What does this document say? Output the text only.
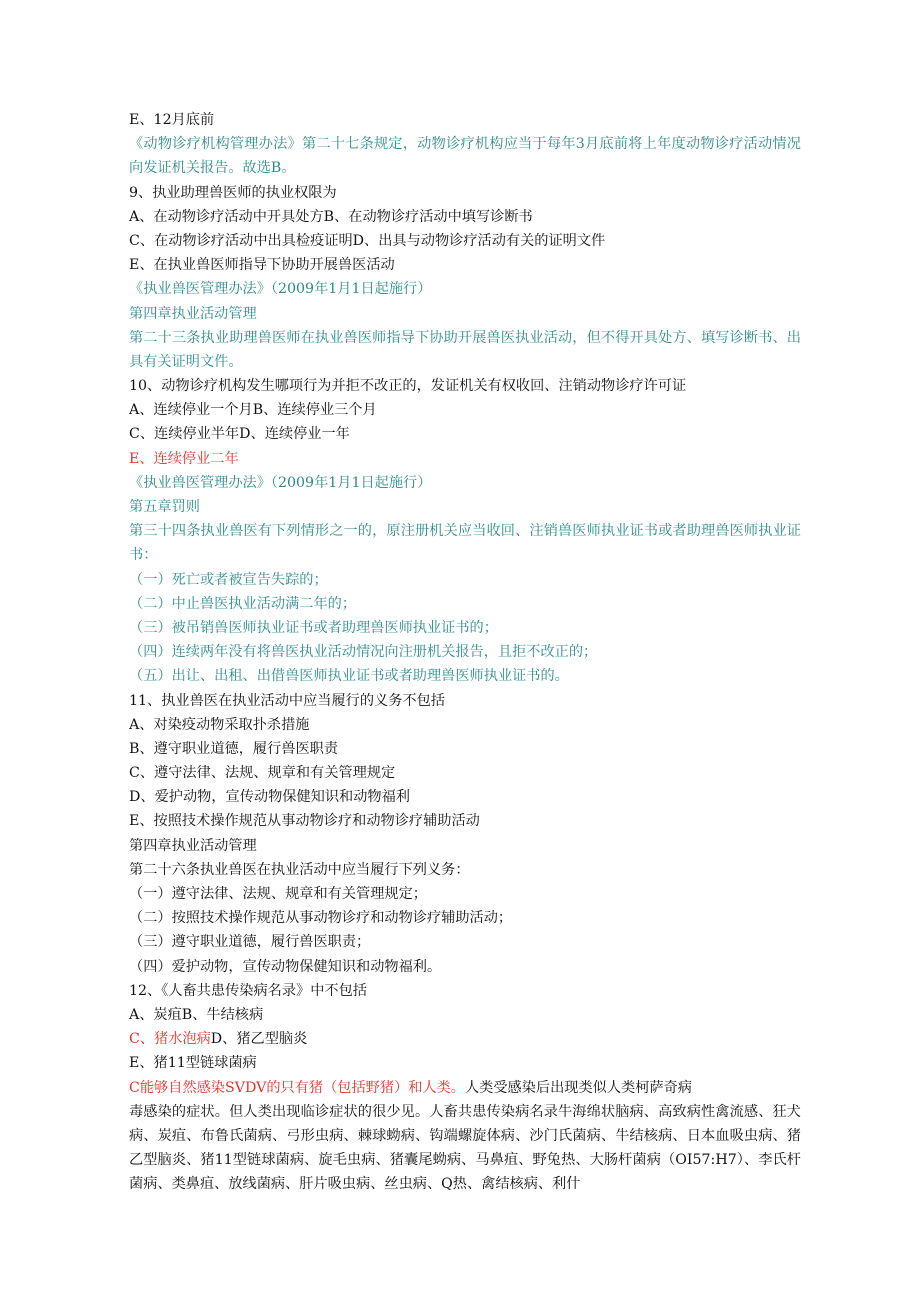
E、12月底前
《动物诊疗机构管理办法》第二十七条规定，动物诊疗机构应当于每年3月底前将上年度动物诊疗活动情况向发证机关报告。故选B。
9、执业助理兽医师的执业权限为
A、在动物诊疗活动中开具处方B、在动物诊疗活动中填写诊断书
C、在动物诊疗活动中出具检疫证明D、出具与动物诊疗活动有关的证明文件
E、在执业兽医师指导下协助开展兽医活动
《执业兽医管理办法》（2009年1月1日起施行）
第四章执业活动管理
第二十三条执业助理兽医师在执业兽医师指导下协助开展兽医执业活动，但不得开具处方、填写诊断书、出具有关证明文件。
10、动物诊疗机构发生哪项行为并拒不改正的，发证机关有权收回、注销动物诊疗许可证
A、连续停业一个月B、连续停业三个月
C、连续停业半年D、连续停业一年
E、连续停业二年
《执业兽医管理办法》（2009年1月1日起施行）
第五章罚则
第三十四条执业兽医有下列情形之一的，原注册机关应当收回、注销兽医师执业证书或者助理兽医师执业证书：
（一）死亡或者被宣告失踪的；
（二）中止兽医执业活动满二年的；
（三）被吊销兽医师执业证书或者助理兽医师执业证书的；
（四）连续两年没有将兽医执业活动情况向注册机关报告，且拒不改正的；
（五）出让、出租、出借兽医师执业证书或者助理兽医师执业证书的。
11、执业兽医在执业活动中应当履行的义务不包括
A、对染疫动物采取扑杀措施
B、遵守职业道德，履行兽医职责
C、遵守法律、法规、规章和有关管理规定
D、爱护动物，宣传动物保健知识和动物福利
E、按照技术操作规范从事动物诊疗和动物诊疗辅助活动
第四章执业活动管理
第二十六条执业兽医在执业活动中应当履行下列义务：
（一）遵守法律、法规、规章和有关管理规定；
（二）按照技术操作规范从事动物诊疗和动物诊疗辅助活动；
（三）遵守职业道德，履行兽医职责；
（四）爱护动物，宣传动物保健知识和动物福利。
12、《人畜共患传染病名录》中不包括
A、炭疽B、牛结核病
C、猪水泡病D、猪乙型脑炎
E、猪11型链球菌病
C能够自然感染SVDV的只有猪（包括野猪）和人类。人类受感染后出现类似人类柯萨奇病
毒感染的症状。但人类出现临诊症状的很少见。人畜共患传染病名录牛海绵状脑病、高致病性禽流感、狂犬病、炭疽、布鲁氏菌病、弓形虫病、棘球蚴病、钩端螺旋体病、沙门氏菌病、牛结核病、日本血吸虫病、猪乙型脑炎、猪11型链球菌病、旋毛虫病、猪囊尾蚴病、马鼻疽、野兔热、大肠杆菌病（OI57:H7）、李氏杆菌病、类鼻疽、放线菌病、肝片吸虫病、丝虫病、Q热、禽结核病、利什
